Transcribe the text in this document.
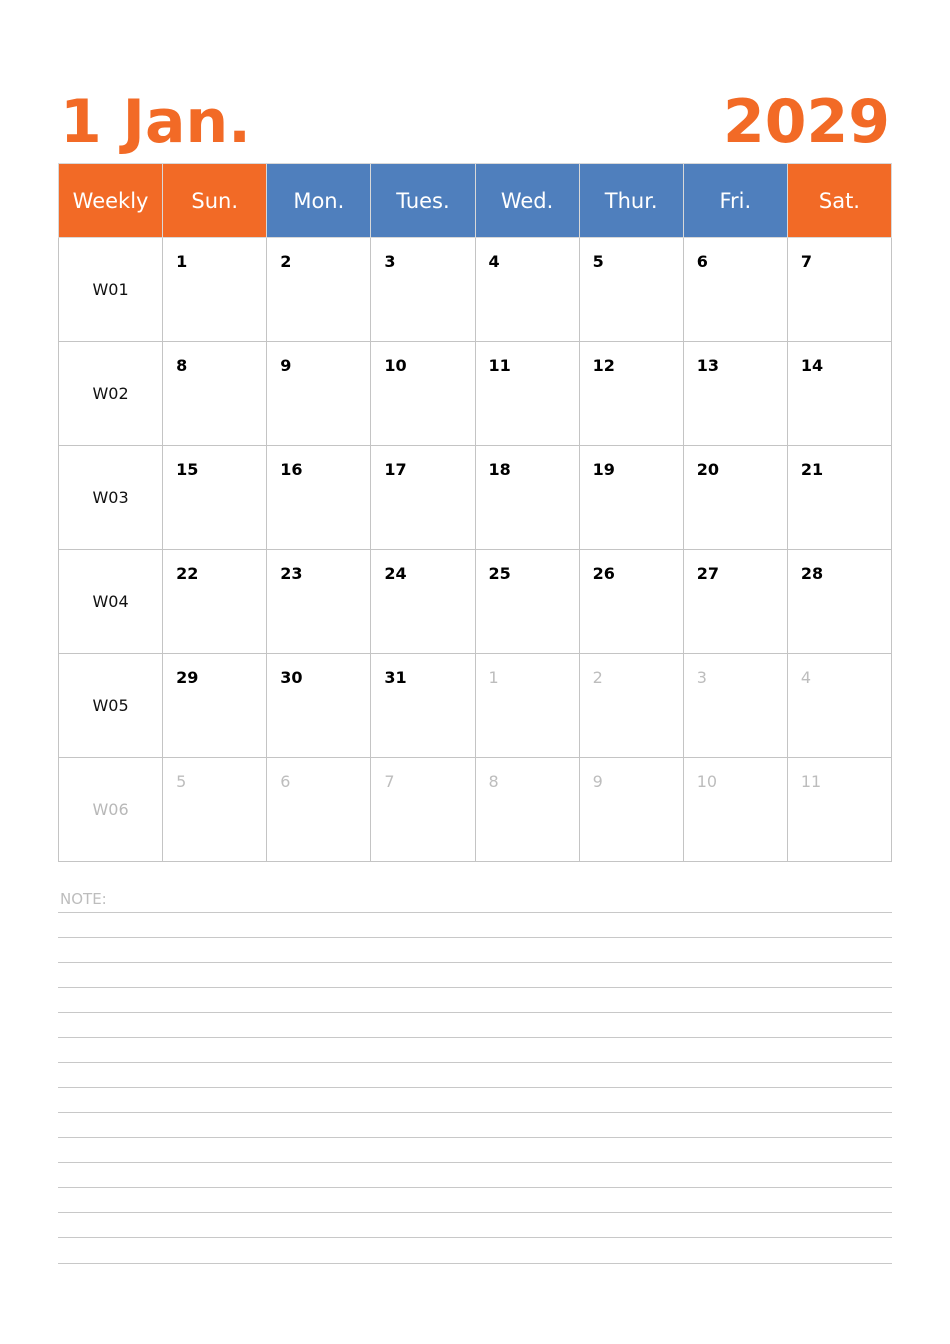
1 Jan.	2029
Weekly	Sun.	Mon.	Tues.	Wed.	Thur.	Fri.	Sat.
W01	1	2	3	4	5	6	7

W02	8	9	10	11	12	13	14

W03	15	16	17	18	19	20	21

W04	22	23	24	25	26	27	28

W05	29	30	31	1	2	3	4

W06	5	6	7	8	9	10	11
NOTE:
